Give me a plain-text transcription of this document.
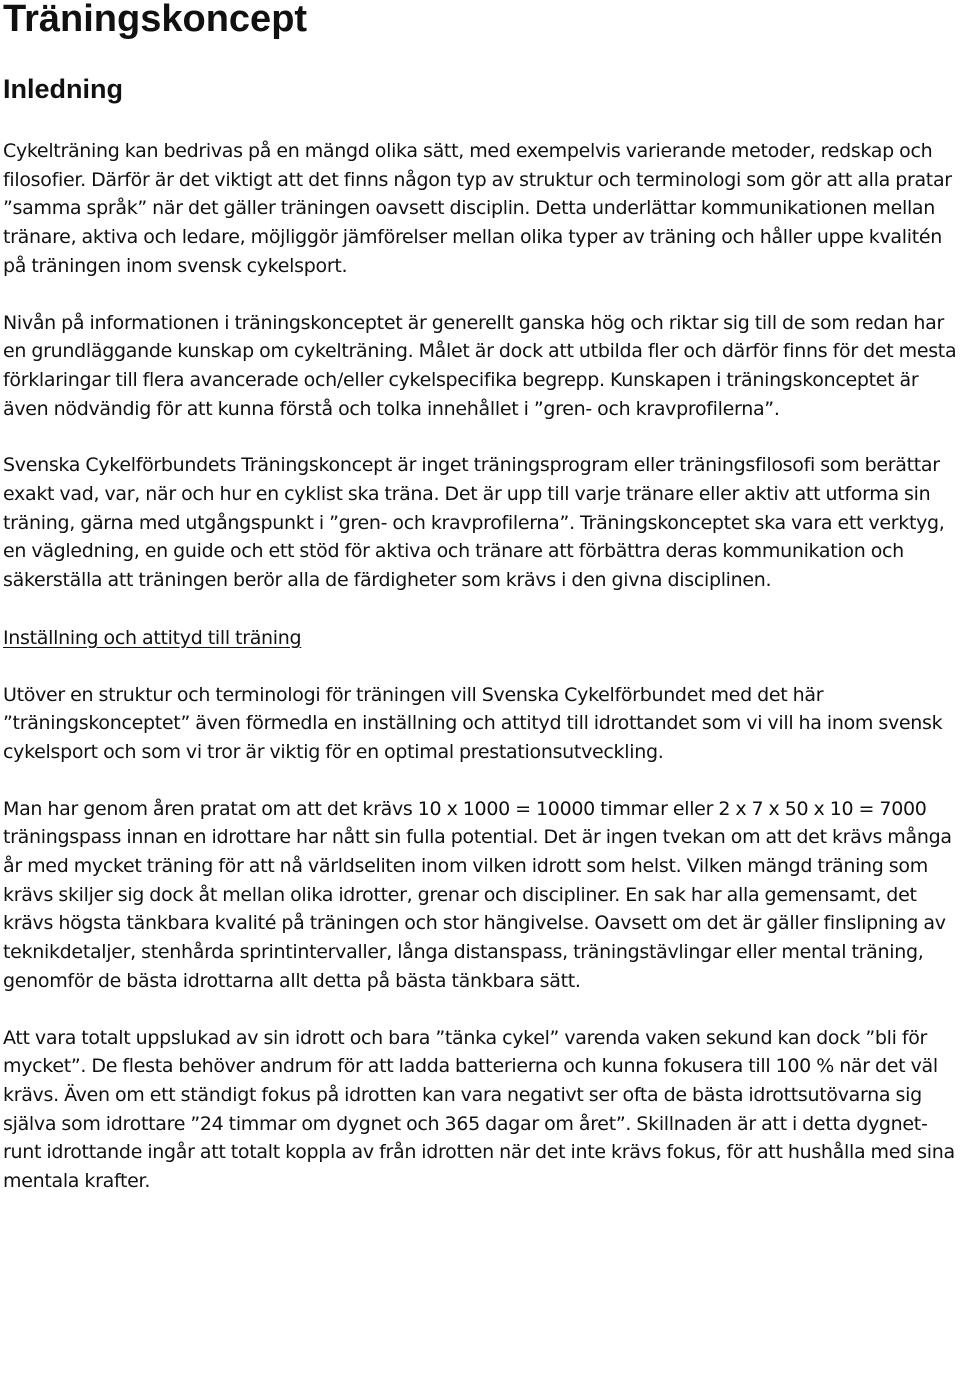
Träningskoncept
Inledning

Cykelträning kan bedrivas på en mängd olika sätt, med exempelvis varierande metoder, redskap och filosofier. Därför är det viktigt att det finns någon typ av struktur och terminologi som gör att alla pratar ”samma språk” när det gäller träningen oavsett disciplin. Detta underlättar kommunikationen mellan tränare, aktiva och ledare, möjliggör jämförelser mellan olika typer av träning och håller uppe kvalitén på träningen inom svensk cykelsport.

Nivån på informationen i träningskonceptet är generellt ganska hög och riktar sig till de som redan har en grundläggande kunskap om cykelträning. Målet är dock att utbilda fler och därför finns för det mesta förklaringar till flera avancerade och/eller cykelspecifika begrepp. Kunskapen i träningskonceptet är även nödvändig för att kunna förstå och tolka innehållet i ”gren- och kravprofilerna”.

Svenska Cykelförbundets Träningskoncept är inget träningsprogram eller träningsfilosofi som berättar exakt vad, var, när och hur en cyklist ska träna. Det är upp till varje tränare eller aktiv att utforma sin träning, gärna med utgångspunkt i ”gren- och kravprofilerna”. Träningskonceptet ska vara ett verktyg, en vägledning, en guide och ett stöd för aktiva och tränare att förbättra deras kommunikation och säkerställa att träningen berör alla de färdigheter som krävs i den givna disciplinen.

Inställning och attityd till träning

Utöver en struktur och terminologi för träningen vill Svenska Cykelförbundet med det här ”träningskonceptet” även förmedla en inställning och attityd till idrottandet som vi vill ha inom svensk cykelsport och som vi tror är viktig för en optimal prestationsutveckling.

Man har genom åren pratat om att det krävs 10 x 1000 = 10000 timmar eller 2 x 7 x 50 x 10 = 7000 träningspass innan en idrottare har nått sin fulla potential. Det är ingen tvekan om att det krävs många år med mycket träning för att nå världseliten inom vilken idrott som helst. Vilken mängd träning som krävs skiljer sig dock åt mellan olika idrotter, grenar och discipliner. En sak har alla gemensamt, det krävs högsta tänkbara kvalité på träningen och stor hängivelse. Oavsett om det är gäller finslipning av teknikdetaljer, stenhårda sprintintervaller, långa distanspass, träningstävlingar eller mental träning, genomför de bästa idrottarna allt detta på bästa tänkbara sätt.

Att vara totalt uppslukad av sin idrott och bara ”tänka cykel” varenda vaken sekund kan dock ”bli för mycket”. De flesta behöver andrum för att ladda batterierna och kunna fokusera till 100 % när det väl krävs. Även om ett ständigt fokus på idrotten kan vara negativt ser ofta de bästa idrottsutövarna sig själva som idrottare ”24 timmar om dygnet och 365 dagar om året”. Skillnaden är att i detta dygnet-runt idrottande ingår att totalt koppla av från idrotten när det inte krävs fokus, för att hushålla med sina mentala krafter.
